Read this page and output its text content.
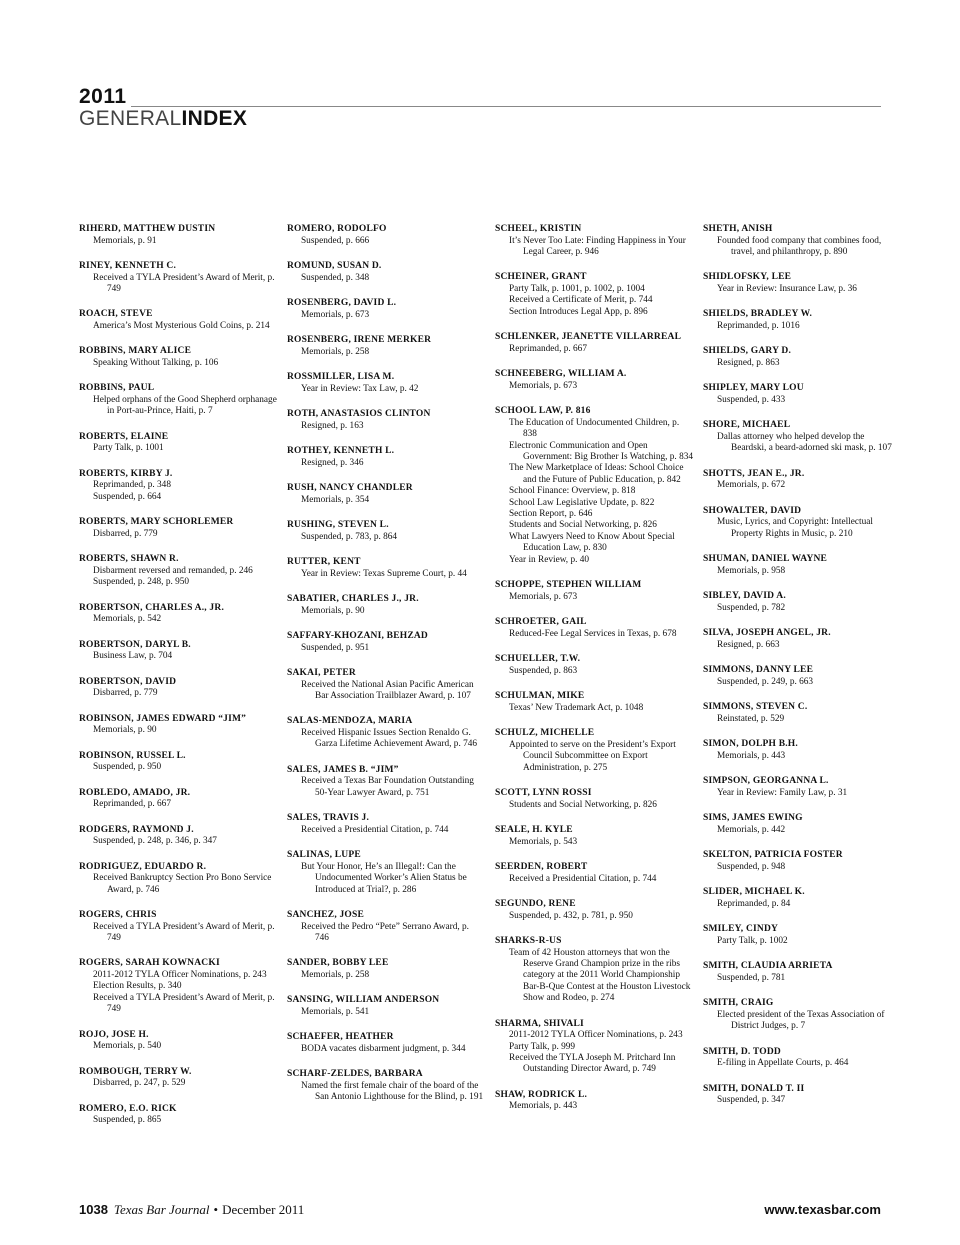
2011
GENERALINDEX
RIHERD, MATTHEW DUSTIN
Memorials, p. 91
RINEY, KENNETH C.
Received a TYLA President’s Award of Merit, p. 749
ROACH, STEVE
America’s Most Mysterious Gold Coins, p. 214
ROBBINS, MARY ALICE
Speaking Without Talking, p. 106
ROBBINS, PAUL
Helped orphans of the Good Shepherd orphanage in Port-au-Prince, Haiti, p. 7
ROBERTS, ELAINE
Party Talk, p. 1001
ROBERTS, KIRBY J.
Reprimanded, p. 348
Suspended, p. 664
ROBERTS, MARY SCHORLEMER
Disbarred, p. 779
ROBERTS, SHAWN R.
Disbarment reversed and remanded, p. 246
Suspended, p. 248, p. 950
ROBERTSON, CHARLES A., JR.
Memorials, p. 542
ROBERTSON, DARYL B.
Business Law, p. 704
ROBERTSON, DAVID
Disbarred, p. 779
ROBINSON, JAMES EDWARD “JIM”
Memorials, p. 90
ROBINSON, RUSSEL L.
Suspended, p. 950
ROBLEDO, AMADO, JR.
Reprimanded, p. 667
RODGERS, RAYMOND J.
Suspended, p. 248, p. 346, p. 347
RODRIGUEZ, EDUARDO R.
Received Bankruptcy Section Pro Bono Service Award, p. 746
ROGERS, CHRIS
Received a TYLA President’s Award of Merit, p. 749
ROGERS, SARAH KOWNACKI
2011-2012 TYLA Officer Nominations, p. 243
Election Results, p. 340
Received a TYLA President’s Award of Merit, p. 749
ROJO, JOSE H.
Memorials, p. 540
ROMBOUGH, TERRY W.
Disbarred, p. 247, p. 529
ROMERO, E.O. RICK
Suspended, p. 865
ROMERO, RODOLFO
Suspended, p. 666
ROMUND, SUSAN D.
Suspended, p. 348
ROSENBERG, DAVID L.
Memorials, p. 673
ROSENBERG, IRENE MERKER
Memorials, p. 258
ROSSMILLER, LISA M.
Year in Review: Tax Law, p. 42
ROTH, ANASTASIOS CLINTON
Resigned, p. 163
ROTHEY, KENNETH L.
Resigned, p. 346
RUSH, NANCY CHANDLER
Memorials, p. 354
RUSHING, STEVEN L.
Suspended, p. 783, p. 864
RUTTER, KENT
Year in Review: Texas Supreme Court, p. 44
SABATIER, CHARLES J., JR.
Memorials, p. 90
SAFFARY-KHOZANI, BEHZAD
Suspended, p. 951
SAKAI, PETER
Received the National Asian Pacific American Bar Association Trailblazer Award, p. 107
SALAS-MENDOZA, MARIA
Received Hispanic Issues Section Renaldo G. Garza Lifetime Achievement Award, p. 746
SALES, JAMES B. “JIM”
Received a Texas Bar Foundation Outstanding 50-Year Lawyer Award, p. 751
SALES, TRAVIS J.
Received a Presidential Citation, p. 744
SALINAS, LUPE
But Your Honor, He’s an Illegal!: Can the Undocumented Worker’s Alien Status be Introduced at Trial?, p. 286
SANCHEZ, JOSE
Received the Pedro “Pete” Serrano Award, p. 746
SANDER, BOBBY LEE
Memorials, p. 258
SANSING, WILLIAM ANDERSON
Memorials, p. 541
SCHAEFER, HEATHER
BODA vacates disbarment judgment, p. 344
SCHARF-ZELDES, BARBARA
Named the first female chair of the board of the San Antonio Lighthouse for the Blind, p. 191
SCHEEL, KRISTIN
It’s Never Too Late: Finding Happiness in Your Legal Career, p. 946
SCHEINER, GRANT
Party Talk, p. 1001, p. 1002, p. 1004
Received a Certificate of Merit, p. 744
Section Introduces Legal App, p. 896
SCHLENKER, JEANETTE VILLARREAL
Reprimanded, p. 667
SCHNEEBERG, WILLIAM A.
Memorials, p. 673
SCHOOL LAW, P. 816
The Education of Undocumented Children, p. 838
Electronic Communication and Open Government: Big Brother Is Watching, p. 834
The New Marketplace of Ideas: School Choice and the Future of Public Education, p. 842
School Finance: Overview, p. 818
School Law Legislative Update, p. 822
Section Report, p. 646
Students and Social Networking, p. 826
What Lawyers Need to Know About Special Education Law, p. 830
Year in Review, p. 40
SCHOPPE, STEPHEN WILLIAM
Memorials, p. 673
SCHROETER, GAIL
Reduced-Fee Legal Services in Texas, p. 678
SCHUELLER, T.W.
Suspended, p. 863
SCHULMAN, MIKE
Texas’ New Trademark Act, p. 1048
SCHULZ, MICHELLE
Appointed to serve on the President’s Export Council Subcommittee on Export Administration, p. 275
SCOTT, LYNN ROSSI
Students and Social Networking, p. 826
SEALE, H. KYLE
Memorials, p. 543
SEERDEN, ROBERT
Received a Presidential Citation, p. 744
SEGUNDO, RENE
Suspended, p. 432, p. 781, p. 950
SHARKS-R-US
Team of 42 Houston attorneys that won the Reserve Grand Champion prize in the ribs category at the 2011 World Championship Bar-B-Que Contest at the Houston Livestock Show and Rodeo, p. 274
SHARMA, SHIVALI
2011-2012 TYLA Officer Nominations, p. 243
Party Talk, p. 999
Received the TYLA Joseph M. Pritchard Inn Outstanding Director Award, p. 749
SHAW, RODRICK L.
Memorials, p. 443
SHETH, ANISH
Founded food company that combines food, travel, and philanthropy, p. 890
SHIDLOFSKY, LEE
Year in Review: Insurance Law, p. 36
SHIELDS, BRADLEY W.
Reprimanded, p. 1016
SHIELDS, GARY D.
Resigned, p. 863
SHIPLEY, MARY LOU
Suspended, p. 433
SHORE, MICHAEL
Dallas attorney who helped develop the Beardski, a beard-adorned ski mask, p. 107
SHOTTS, JEAN E., JR.
Memorials, p. 672
SHOWALTER, DAVID
Music, Lyrics, and Copyright: Intellectual Property Rights in Music, p. 210
SHUMAN, DANIEL WAYNE
Memorials, p. 958
SIBLEY, DAVID A.
Suspended, p. 782
SILVA, JOSEPH ANGEL, JR.
Resigned, p. 663
SIMMONS, DANNY LEE
Suspended, p. 249, p. 663
SIMMONS, STEVEN C.
Reinstated, p. 529
SIMON, DOLPH B.H.
Memorials, p. 443
SIMPSON, GEORGANNA L.
Year in Review: Family Law, p. 31
SIMS, JAMES EWING
Memorials, p. 442
SKELTON, PATRICIA FOSTER
Suspended, p. 948
SLIDER, MICHAEL K.
Reprimanded, p. 84
SMILEY, CINDY
Party Talk, p. 1002
SMITH, CLAUDIA ARRIETA
Suspended, p. 781
SMITH, CRAIG
Elected president of the Texas Association of District Judges, p. 7
SMITH, D. TODD
E-filing in Appellate Courts, p. 464
SMITH, DONALD T. II
Suspended, p. 347
1038 Texas Bar Journal • December 2011	www.texasbar.com
